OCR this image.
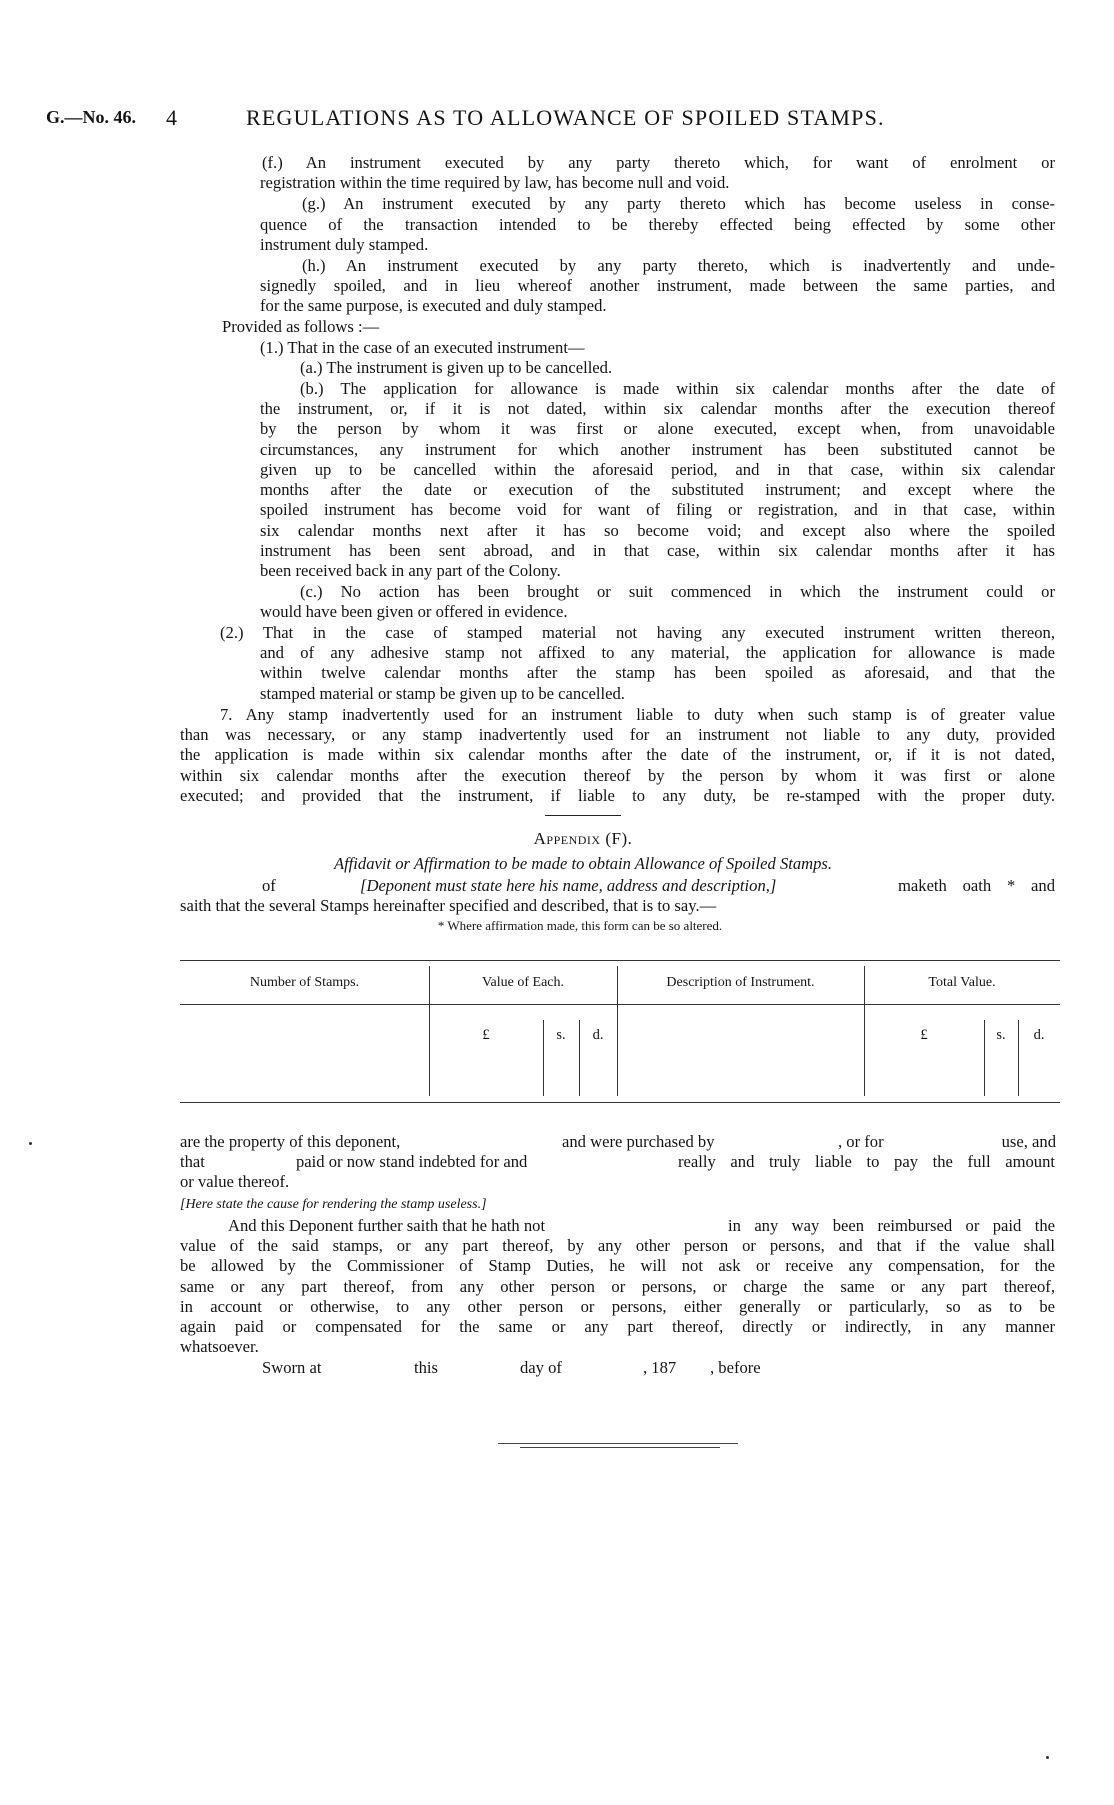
G.—No. 46. 4	REGULATIONS AS TO ALLOWANCE OF SPOILED STAMPS.
(f.) An instrument executed by any party thereto which, for want of enrolment or
registration within the time required by law, has become null and void.
(g.) An instrument executed by any party thereto which has become useless in conse-
quence of the transaction intended to be thereby effected being effected by some other
instrument duly stamped.
(h.) An instrument executed by any party thereto, which is inadvertently and unde-
signedly spoiled, and in lieu whereof another instrument, made between the same parties, and
for the same purpose, is executed and duly stamped.
Provided as follows :—
(1.) That in the case of an executed instrument—
(a.) The instrument is given up to be cancelled.
(b.) The application for allowance is made within six calendar months after the date of
the instrument, or, if it is not dated, within six calendar months after the execution thereof
by the person by whom it was first or alone executed, except when, from unavoidable
circumstances, any instrument for which another instrument has been substituted cannot be
given up to be cancelled within the aforesaid period, and in that case, within six calendar
months after the date or execution of the substituted instrument; and except where the
spoiled instrument has become void for want of filing or registration, and in that case, within
six calendar months next after it has so become void; and except also where the spoiled
instrument has been sent abroad, and in that case, within six calendar months after it has
been received back in any part of the Colony.
(c.) No action has been brought or suit commenced in which the instrument could or
would have been given or offered in evidence.
(2.) That in the case of stamped material not having any executed instrument written thereon,
and of any adhesive stamp not affixed to any material, the application for allowance is made
within twelve calendar months after the stamp has been spoiled as aforesaid, and that the
stamped material or stamp be given up to be cancelled.
7. Any stamp inadvertently used for an instrument liable to duty when such stamp is of greater value
than was necessary, or any stamp inadvertently used for an instrument not liable to any duty, provided
the application is made within six calendar months after the date of the instrument, or, if it is not dated,
within six calendar months after the execution thereof by the person by whom it was first or alone
executed; and provided that the instrument, if liable to any duty, be re-stamped with the proper duty.
Appendix (F).
Affidavit or Affirmation to be made to obtain Allowance of Spoiled Stamps.
of	[Deponent must state here his name, address and description,]	maketh oath * and
saith that the several Stamps hereinafter specified and described, that is to say.—
* Where affirmation made, this form can be so altered.
Number of Stamps.	Value of Each.	Description of Instrument.	Total Value.
£	s.	d.	£	s.	d.
are the property of this deponent,	and were purchased by	, or for	use, and
that	paid or now stand indebted for and	really and truly liable to pay the full amount
or value thereof.
[Here state the cause for rendering the stamp useless.]
And this Deponent further saith that he hath not	in any way been reimbursed or paid the
value of the said stamps, or any part thereof, by any other person or persons, and that if the value shall
be allowed by the Commissioner of Stamp Duties, he will not ask or receive any compensation, for the
same or any part thereof, from any other person or persons, or charge the same or any part thereof,
in account or otherwise, to any other person or persons, either generally or particularly, so as to be
again paid or compensated for the same or any part thereof, directly or indirectly, in any manner
whatsoever.
Sworn at	this	day of	, 187	, before
